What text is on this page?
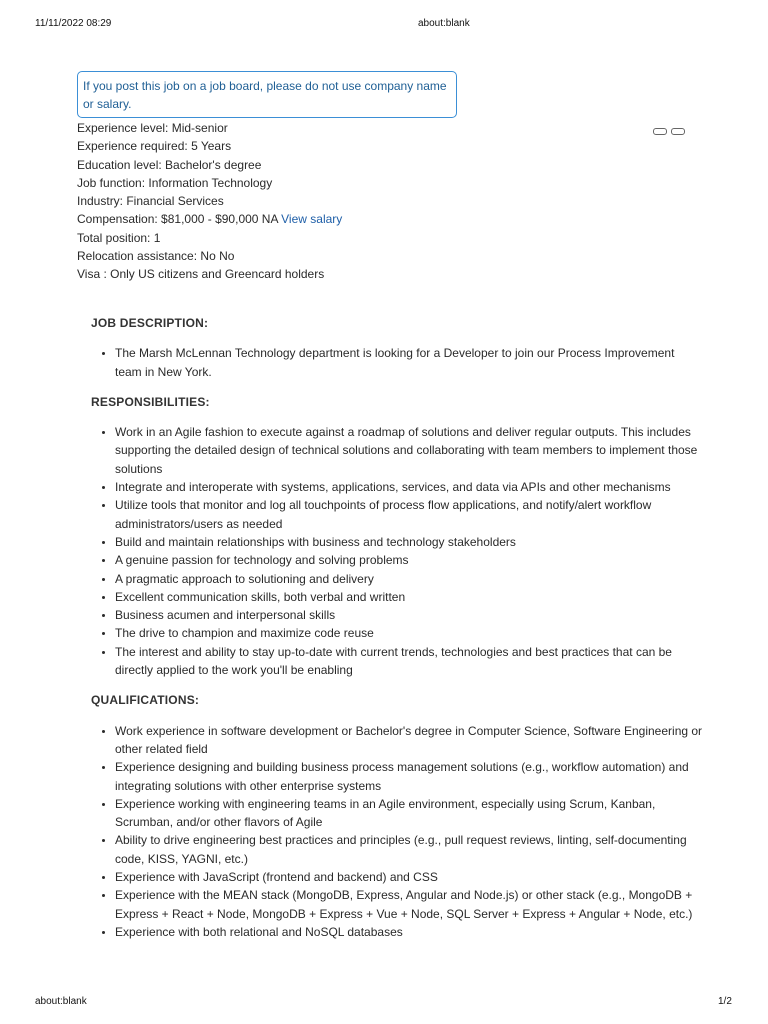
11/11/2022 08:29	about:blank
If you post this job on a job board, please do not use company name or salary.
Experience level: Mid-senior
Experience required: 5 Years
Education level: Bachelor's degree
Job function: Information Technology
Industry: Financial Services
Compensation: $81,000 - $90,000 NA View salary
Total position: 1
Relocation assistance: No No
Visa : Only US citizens and Greencard holders
JOB DESCRIPTION:
• The Marsh McLennan Technology department is looking for a Developer to join our Process Improvement team in New York.
RESPONSIBILITIES:
• Work in an Agile fashion to execute against a roadmap of solutions and deliver regular outputs. This includes supporting the detailed design of technical solutions and collaborating with team members to implement those solutions
• Integrate and interoperate with systems, applications, services, and data via APIs and other mechanisms
• Utilize tools that monitor and log all touchpoints of process flow applications, and notify/alert workflow administrators/users as needed
• Build and maintain relationships with business and technology stakeholders
• A genuine passion for technology and solving problems
• A pragmatic approach to solutioning and delivery
• Excellent communication skills, both verbal and written
• Business acumen and interpersonal skills
• The drive to champion and maximize code reuse
• The interest and ability to stay up-to-date with current trends, technologies and best practices that can be directly applied to the work you'll be enabling
QUALIFICATIONS:
• Work experience in software development or Bachelor's degree in Computer Science, Software Engineering or other related field
• Experience designing and building business process management solutions (e.g., workflow automation) and integrating solutions with other enterprise systems
• Experience working with engineering teams in an Agile environment, especially using Scrum, Kanban, Scrumban, and/or other flavors of Agile
• Ability to drive engineering best practices and principles (e.g., pull request reviews, linting, self-documenting code, KISS, YAGNI, etc.)
• Experience with JavaScript (frontend and backend) and CSS
• Experience with the MEAN stack (MongoDB, Express, Angular and Node.js) or other stack (e.g., MongoDB + Express + React + Node, MongoDB + Express + Vue + Node, SQL Server + Express + Angular + Node, etc.)
• Experience with both relational and NoSQL databases
about:blank	1/2
